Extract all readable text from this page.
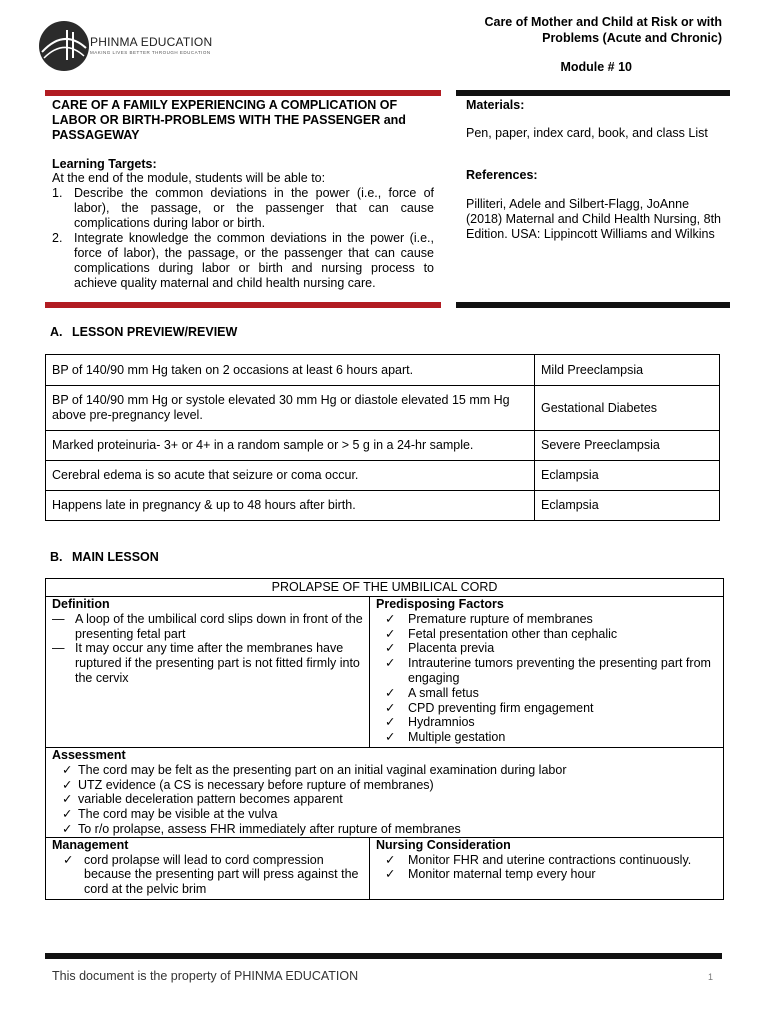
PHINMA EDUCATION
MAKING LIVES BETTER THROUGH EDUCATION
Care of Mother and Child at Risk or with Problems (Acute and Chronic)
Module # 10
CARE OF A FAMILY EXPERIENCING A COMPLICATION OF LABOR OR BIRTH-PROBLEMS WITH THE PASSENGER and PASSAGEWAY
Learning Targets:
At the end of the module, students will be able to:
1. Describe the common deviations in the power (i.e., force of labor), the passage, or the passenger that can cause complications during labor or birth.
2. Integrate knowledge the common deviations in the power (i.e., force of labor), the passage, or the passenger that can cause complications during labor or birth and nursing process to achieve quality maternal and child health nursing care.
Materials:
Pen, paper, index card, book, and class List
References:
Pilliteri, Adele and Silbert-Flagg, JoAnne (2018) Maternal and Child Health Nursing, 8th Edition. USA: Lippincott Williams and Wilkins
A. LESSON PREVIEW/REVIEW
BP of 140/90 mm Hg taken on 2 occasions at least 6 hours apart.	Mild Preeclampsia
BP of 140/90 mm Hg or systole elevated 30 mm Hg or diastole elevated 15 mm Hg above pre-pregnancy level.	Gestational Diabetes
Marked proteinuria- 3+ or 4+ in a random sample or > 5 g in a 24-hr sample.	Severe Preeclampsia
Cerebral edema is so acute that seizure or coma occur.	Eclampsia
Happens late in pregnancy & up to 48 hours after birth.	Eclampsia
B. MAIN LESSON
PROLAPSE OF THE UMBILICAL CORD
Definition
— A loop of the umbilical cord slips down in front of the presenting fetal part
— It may occur any time after the membranes have ruptured if the presenting part is not fitted firmly into the cervix
Predisposing Factors
✓ Premature rupture of membranes
✓ Fetal presentation other than cephalic
✓ Placenta previa
✓ Intrauterine tumors preventing the presenting part from engaging
✓ A small fetus
✓ CPD preventing firm engagement
✓ Hydramnios
✓ Multiple gestation
Assessment
✓ The cord may be felt as the presenting part on an initial vaginal examination during labor
✓ UTZ evidence (a CS is necessary before rupture of membranes)
✓ variable deceleration pattern becomes apparent
✓ The cord may be visible at the vulva
✓ To r/o prolapse, assess FHR immediately after rupture of membranes
Management
✓ cord prolapse will lead to cord compression because the presenting part will press against the cord at the pelvic brim
Nursing Consideration
✓ Monitor FHR and uterine contractions continuously.
✓ Monitor maternal temp every hour
This document is the property of PHINMA EDUCATION	1
